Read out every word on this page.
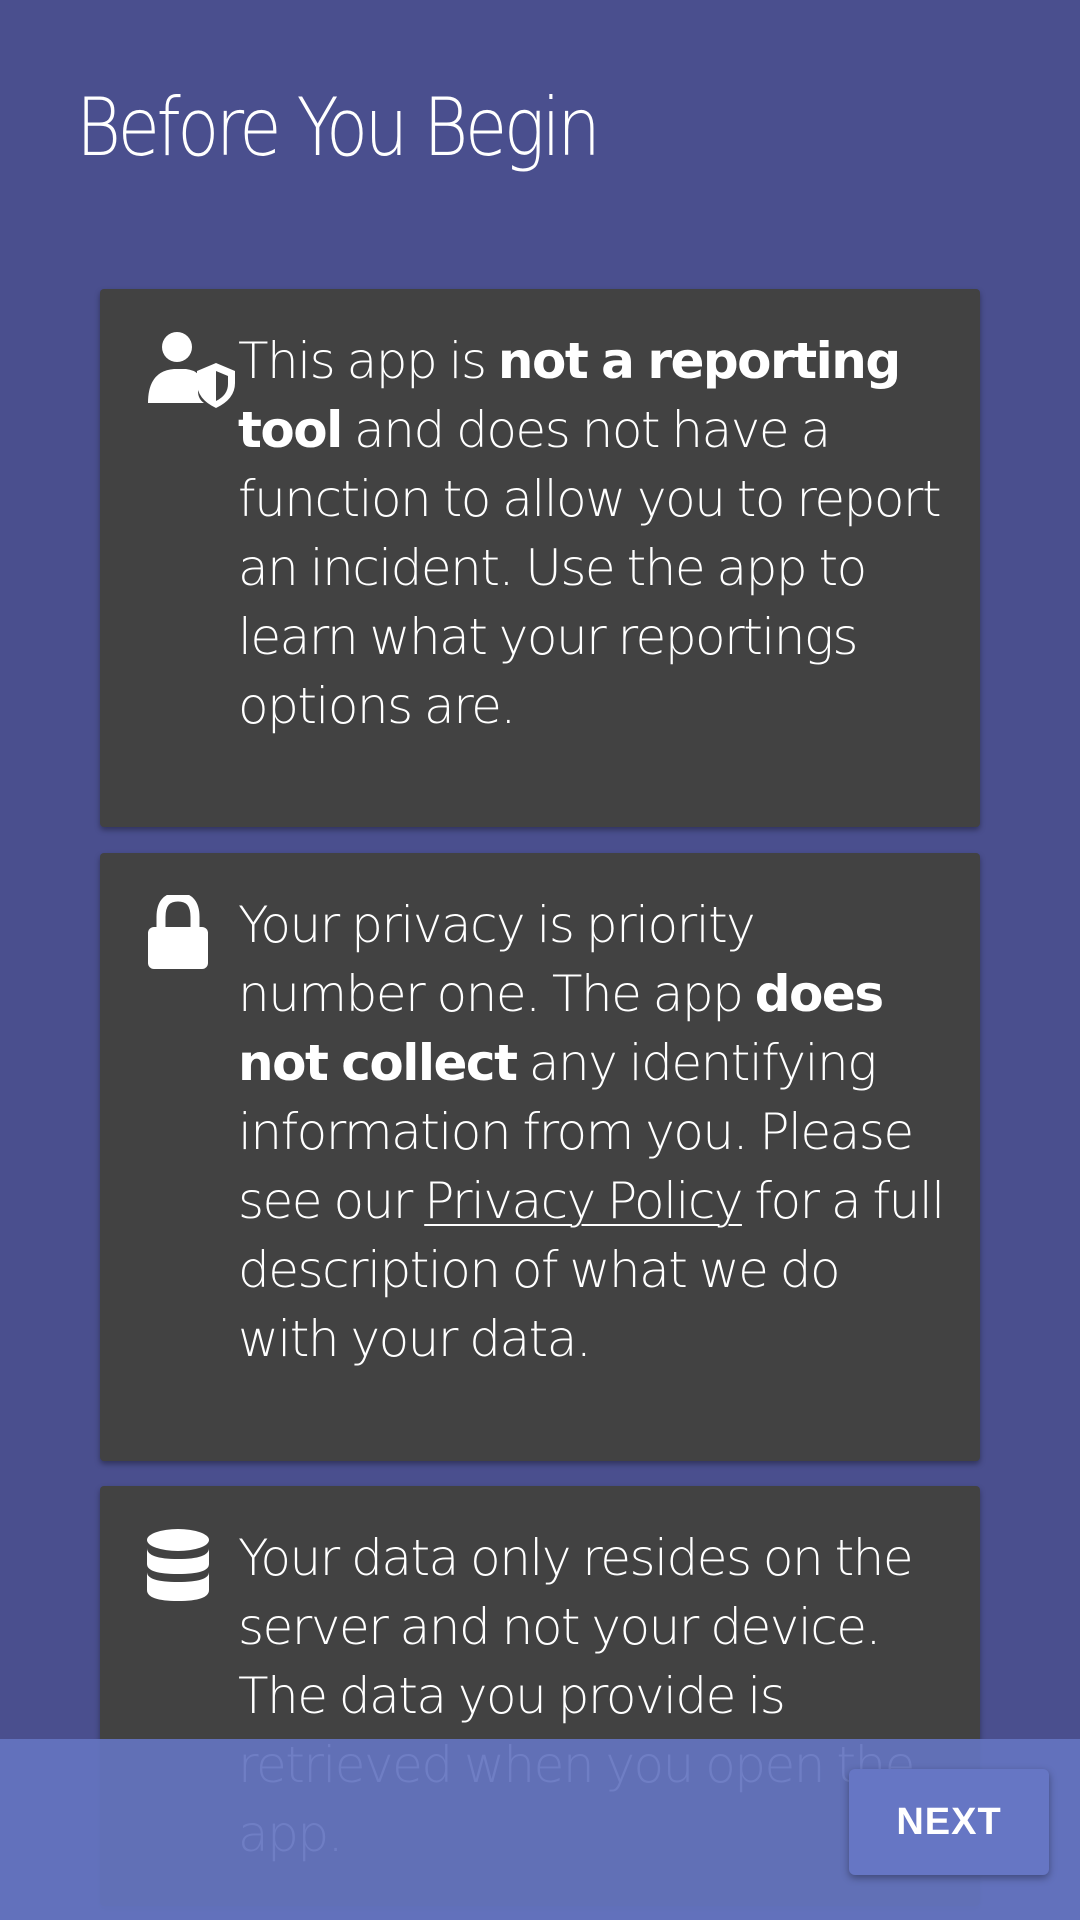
Before You Begin

This app is not a reporting tool and does not have a function to allow you to report an incident. Use the app to learn what your reportings options are.

Your privacy is priority number one. The app does not collect any identifying information from you. Please see our Privacy Policy for a full description of what we do with your data.

Your data only resides on the server and not your device. The data you provide is

NEXT
